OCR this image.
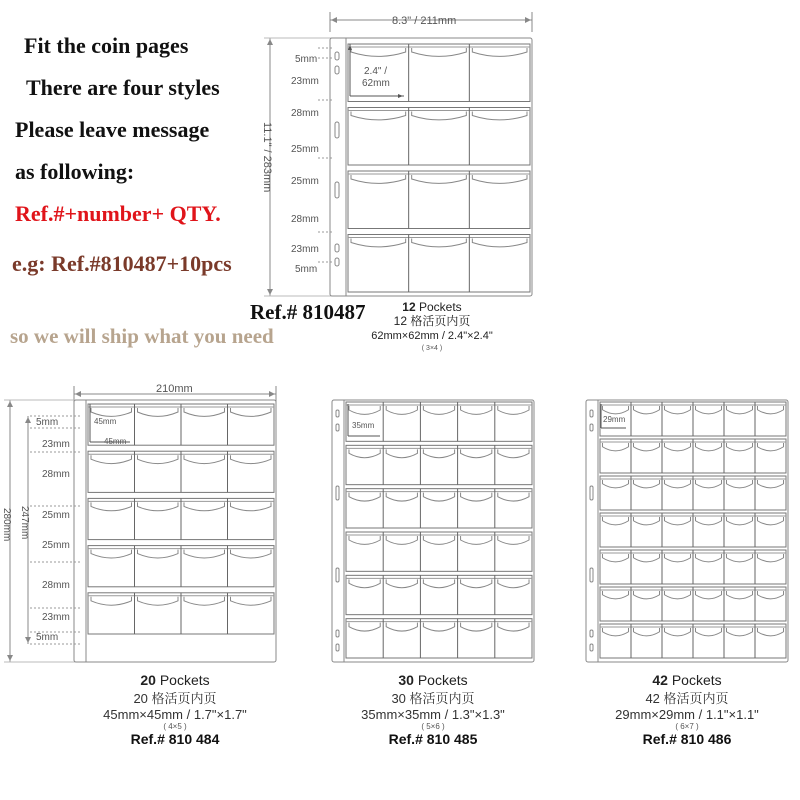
Fit the coin pages
There are four styles
Please leave message
as following:
Ref.#+number+ QTY.
e.g: Ref.#810487+10pcs
so we will ship what you need
2.4" /
62mm
8.3" / 211mm
11.1" / 283mm
5mm
23mm
28mm
25mm
25mm
28mm
23mm
5mm
Ref.# 810487	12 Pockets
12 格活页内页
62mm×62mm / 2.4"×2.4"
( 3×4 )
45mm
45mm
210mm
280mm 247mm
5mm
23mm
28mm
25mm
25mm
28mm
23mm
5mm
20 Pockets
20 格活页内页
45mm×45mm / 1.7"×1.7"
( 4×5 )
Ref.# 810 484
35mm
30 Pockets
30 格活页内页
35mm×35mm / 1.3"×1.3"
( 5×6 )
Ref.# 810 485
29mm
42 Pockets
42 格活页内页
29mm×29mm / 1.1"×1.1"
( 6×7 )
Ref.# 810 486
